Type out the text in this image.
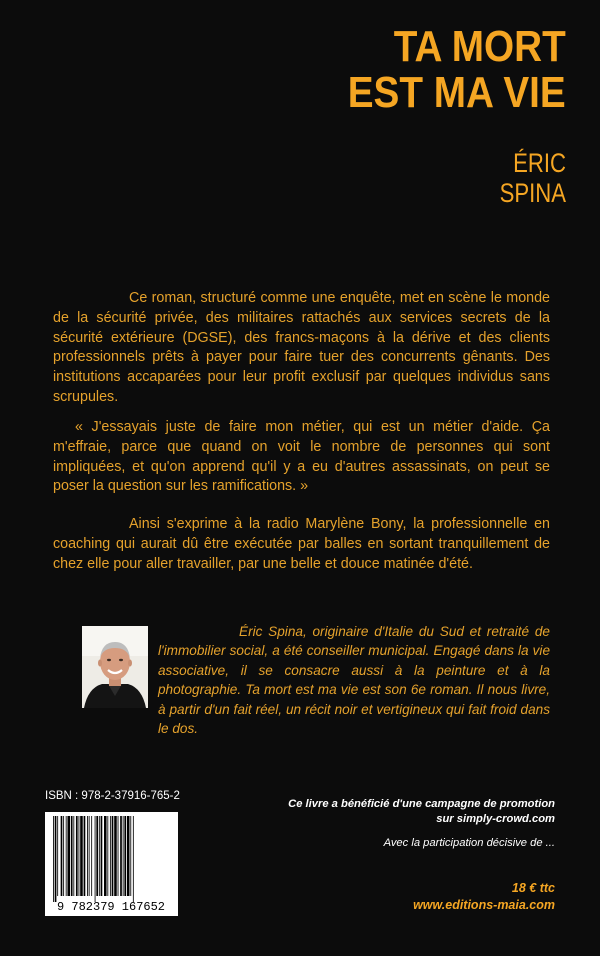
TA MORT
EST MA VIE
ÉRIC
SPINA
Ce roman, structuré comme une enquête, met en scène le monde de la sécurité privée, des militaires rattachés aux services secrets de la sécurité extérieure (DGSE), des francs-maçons à la dérive et des clients professionnels prêts à payer pour faire tuer des concurrents gênants. Des institutions accaparées pour leur profit exclusif par quelques individus sans scrupules.
« J'essayais juste de faire mon métier, qui est un métier d'aide. Ça m'effraie, parce que quand on voit le nombre de personnes qui sont impliquées, et qu'on apprend qu'il y a eu d'autres assassinats, on peut se poser la question sur les ramifications. »
Ainsi s'exprime à la radio Marylène Bony, la professionnelle en coaching qui aurait dû être exécutée par balles en sortant tranquillement de chez elle pour aller travailler, par une belle et douce matinée d'été.
Éric Spina, originaire d'Italie du Sud et retraité de l'immobilier social, a été conseiller municipal. Engagé dans la vie associative, il se consacre aussi à la peinture et à la photographie. Ta mort est ma vie est son 6e roman. Il nous livre, à partir d'un fait réel, un récit noir et vertigineux qui fait froid dans le dos.
ISBN : 978-2-37916-765-2
9 782379 167652
Ce livre a bénéficié d'une campagne de promotion
sur simply-crowd.com
Avec la participation décisive de ...
18 € ttc
www.editions-maia.com
